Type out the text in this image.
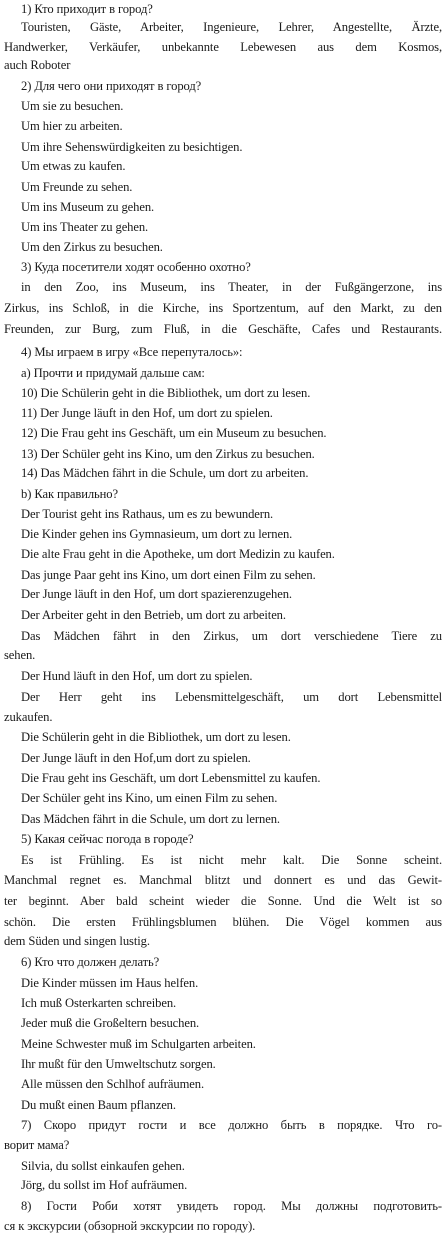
1) Кто приходит в город?
Touristen, Gäste, Arbeiter, Ingenieure, Lehrer, Angestellte, Ärzte,
Handwerker, Verkäufer, unbekannte Lebewesen aus dem Kosmos,
auch Roboter
2) Для чего они приходят в город?
Um sie zu besuchen.
Um hier zu arbeiten.
Um ihre Sehenswürdigkeiten zu besichtigen.
Um etwas zu kaufen.
Um Freunde zu sehen.
Um ins Museum zu gehen.
Um ins Theater zu gehen.
Um den Zirkus zu besuchen.
3) Куда посетители ходят особенно охотно?
in den Zoo, ins Museum, ins Theater, in der Fußgängerzone, ins
Zirkus, ins Schloß, in die Kirche, ins Sportzentum, auf den Markt, zu den
Freunden, zur Burg, zum Fluß, in die Geschäfte, Cafes und Restaurants.
4) Мы играем в игру «Все перепуталось»:
a) Прочти и придумай дальше сам:
10) Die Schülerin geht in die Bibliothek, um dort zu lesen.
11) Der Junge läuft in den Hof, um dort zu spielen.
12) Die Frau geht ins Geschäft, um ein Museum zu besuchen.
13) Der Schüler geht ins Kino, um den Zirkus zu besuchen.
14) Das Mädchen fährt in die Schule, um dort zu arbeiten.
b) Как правильно?
Der Tourist geht ins Rathaus, um es zu bewundern.
Die Kinder gehen ins Gymnasieum, um dort zu lernen.
Die alte Frau geht in die Apotheke, um dort Medizin zu kaufen.
Das junge Paar geht ins Kino, um dort einen Film zu sehen.
Der Junge läuft in den Hof, um dort spazierenzugehen.
Der Arbeiter geht in den Betrieb, um dort zu arbeiten.
Das Mädchen fährt in den Zirkus, um dort verschiedene Tiere zu
sehen.
Der Hund läuft in den Hof, um dort zu spielen.
Der Herr geht ins Lebensmittelgeschäft, um dort Lebensmittel
zukaufen.
Die Schülerin geht in die Bibliothek, um dort zu lesen.
Der Junge läuft in den Hof,um dort zu spielen.
Die Frau geht ins Geschäft, um dort Lebensmittel zu kaufen.
Der Schüler geht ins Kino, um einen Film zu sehen.
Das Mädchen fährt in die Schule, um dort zu lernen.
5) Какая сейчас погода в городе?
Es ist Frühling. Es ist nicht mehr kalt. Die Sonne scheint.
Manchmal regnet es. Manchmal blitzt und donnert es und das Gewit-
ter beginnt. Aber bald scheint wieder die Sonne. Und die Welt ist so
schön. Die ersten Frühlingsblumen blühen. Die Vögel kommen aus
dem Süden und singen lustig.
6) Кто что должен делать?
Die Kinder müssen im Haus helfen.
Ich muß Osterkarten schreiben.
Jeder muß die Großeltern besuchen.
Meine Schwester muß im Schulgarten arbeiten.
Ihr mußt für den Umweltschutz sorgen.
Alle müssen den Schlhof aufräumen.
Du mußt einen Baum pflanzen.
7) Скоро придут гости и все должно быть в порядке. Что го-
ворит мама?
Silvia, du sollst einkaufen gehen.
Jörg, du sollst im Hof aufräumen.
8) Гости Роби хотят увидеть город. Мы должны подготовить-
ся к экскурсии (обзорной экскурсии по городу).
